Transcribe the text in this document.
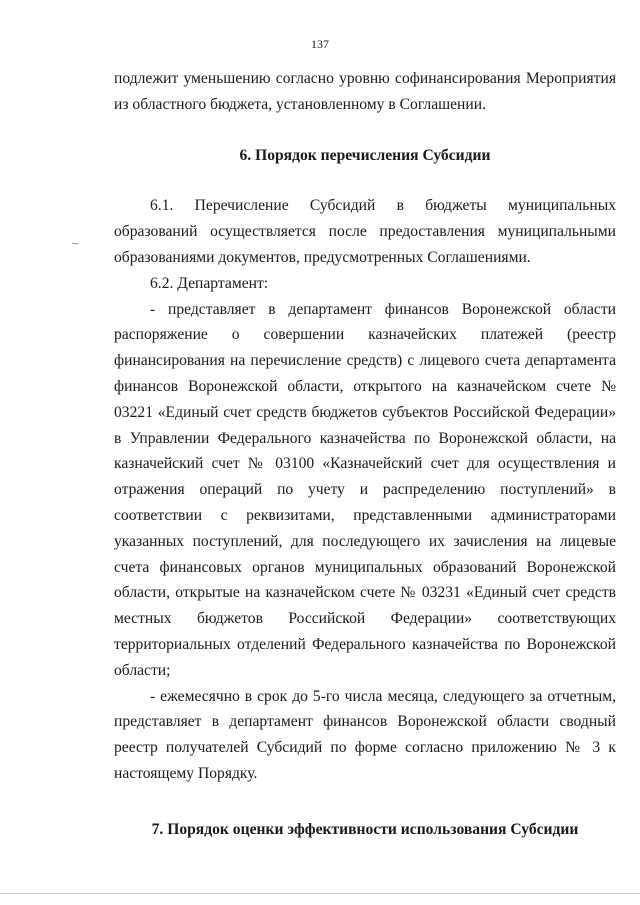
137

подлежит уменьшению согласно уровню софинансирования Мероприятия из областного бюджета, установленному в Соглашении.

6. Порядок перечисления Субсидии

6.1. Перечисление Субсидий в бюджеты муниципальных образований осуществляется после предоставления муниципальными образованиями документов, предусмотренных Соглашениями.

6.2. Департамент:

- представляет в департамент финансов Воронежской области распоряжение о совершении казначейских платежей (реестр финансирования на перечисление средств) с лицевого счета департамента финансов Воронежской области, открытого на казначейском счете № 03221 «Единый счет средств бюджетов субъектов Российской Федерации» в Управлении Федерального казначейства по Воронежской области, на казначейский счет № 03100 «Казначейский счет для осуществления и отражения операций по учету и распределению поступлений» в соответствии с реквизитами, представленными администраторами указанных поступлений, для последующего их зачисления на лицевые счета финансовых органов муниципальных образований Воронежской области, открытые на казначейском счете № 03231 «Единый счет средств местных бюджетов Российской Федерации» соответствующих территориальных отделений Федерального казначейства по Воронежской области;

- ежемесячно в срок до 5-го числа месяца, следующего за отчетным, представляет в департамент финансов Воронежской области сводный реестр получателей Субсидий по форме согласно приложению № 3 к настоящему Порядку.

7. Порядок оценки эффективности использования Субсидии
